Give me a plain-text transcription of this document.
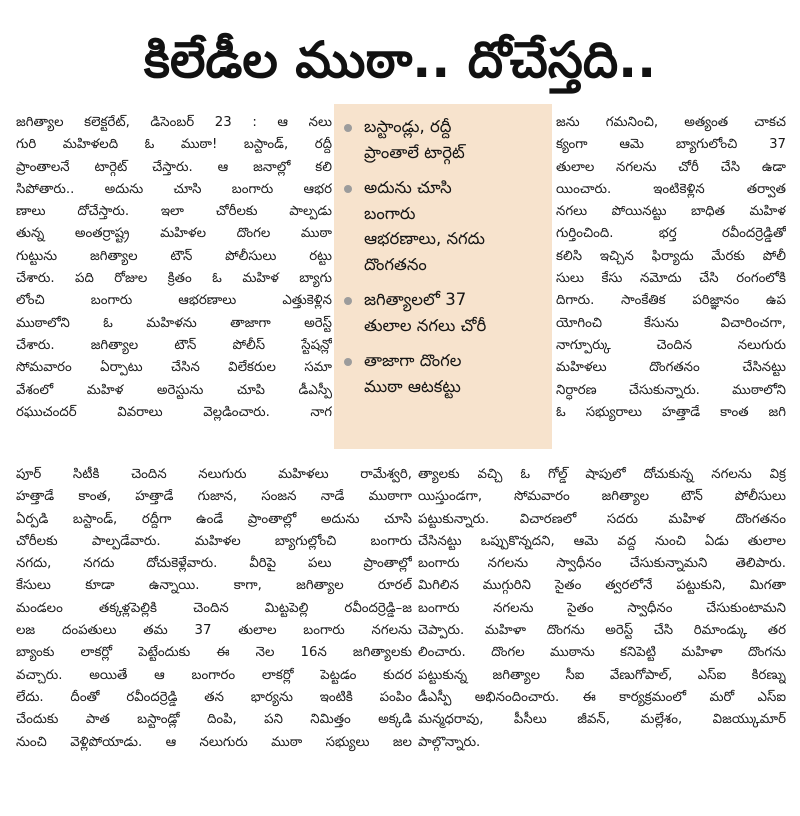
కిలేడీల ముఠా.. దోచేస్తది..
జగిత్యాల కలెక్టరేట్, డిసెంబర్ 23 : ఆ నలు
గురి మహిళలది ఓ ముఠా! బస్టాండ్, రద్దీ
ప్రాంతాలనే టార్గెట్ చేస్తారు. ఆ జనాల్లో కలి
సిపోతారు.. అదును చూసి బంగారు ఆభర
ణాలు దోచేస్తారు. ఇలా చోరీలకు పాల్పడు
తున్న అంతర్రాష్ట్ర మహిళల దొంగల ముఠా
గుట్టును జగిత్యాల టౌన్ పోలీసులు రట్టు
చేశారు. పది రోజుల క్రితం ఓ మహిళ బ్యాగు
లోంచి బంగారు ఆభరణాలు ఎత్తుకెళ్లిన
ముఠాలోని ఓ మహిళను తాజాగా అరెస్ట్
చేశారు. జగిత్యాల టౌన్ పోలీస్ స్టేషన్లో
సోమవారం ఏర్పాటు చేసిన విలేకరుల సమా
వేశంలో మహిళ అరెస్టును చూపి డీఎస్పీ
రఘుచందర్ వివరాలు వెల్లడించారు. నాగ
బస్టాండ్లు, రద్దీ
ప్రాంతాలే టార్గెట్
అదును చూసి
బంగారు
ఆభరణాలు, నగదు
దొంగతనం
జగిత్యాలలో 37
తులాల నగలు చోరీ
తాజాగా దొంగల
ముఠా ఆటకట్టు
జను గమనించి, అత్యంత చాకచ
క్యంగా ఆమె బ్యాగులోంచి 37
తులాల నగలను చోరీ చేసి ఉడా
యించారు. ఇంటికెళ్లిన తర్వాత
నగలు పోయినట్టు బాధిత మహిళ
గుర్తించింది. భర్త రవీందర్రెడ్డితో
కలిసి ఇచ్చిన ఫిర్యాదు మేరకు పోలీ
సులు కేసు నమోదు చేసి రంగంలోకి
దిగారు. సాంకేతిక పరిజ్ఞానం ఉప
యోగించి కేసును విచారించగా,
నాగ్పూర్కు చెందిన నలుగురు
మహిళలు దొంగతనం చేసినట్టు
నిర్ధారణ చేసుకున్నారు. ముఠాలోని
ఓ సభ్యురాలు హత్తాడే కాంత జగి
పూర్ సిటీకి చెందిన నలుగురు మహిళలు రామేశ్వరి,
హత్తాడే కాంత, హత్తాడే గుజాన, సంజన నాడే ముఠాగా
ఏర్పడి బస్టాండ్, రద్దీగా ఉండే ప్రాంతాల్లో అదును చూసి
చోరీలకు పాల్పడేవారు. మహిళల బ్యాగుల్లోంచి బంగారు
నగదు, నగదు దోచుకెళ్లేవారు. వీరిపై పలు ప్రాంతాల్లో
కేసులు కూడా ఉన్నాయి. కాగా, జగిత్యాల రూరల్
మండలం తక్కళ్లపెల్లికి చెందిన మిట్టపెల్లి రవీందర్రెడ్డి–జ
లజ దంపతులు తమ 37 తులాల బంగారు నగలను
బ్యాంకు లాకర్లో పెట్టేందుకు ఈ నెల 16న జగిత్యాలకు
వచ్చారు. అయితే ఆ బంగారం లాకర్లో పెట్టడం కుదర
లేదు. దీంతో రవీందర్రెడ్డి తన భార్యను ఇంటికి పంపిం
చేందుకు పాత బస్టాండ్లో దింపి, పని నిమిత్తం అక్కడి
నుంచి వెళ్లిపోయాడు. ఆ నలుగురు ముఠా సభ్యులు జల
త్యాలకు వచ్చి ఓ గోల్డ్ షాపులో దోచుకున్న నగలను విక్ర
యిస్తుండగా, సోమవారం జగిత్యాల టౌన్ పోలీసులు
పట్టుకున్నారు. విచారణలో సదరు మహిళ దొంగతనం
చేసినట్టు ఒప్పుకొన్నదని, ఆమె వద్ద నుంచి ఏడు తులాల
బంగారు నగలను స్వాధీనం చేసుకున్నామని తెలిపారు.
మిగిలిన ముగ్గురిని సైతం త్వరలోనే పట్టుకుని, మిగతా
బంగారు నగలను సైతం స్వాధీనం చేసుకుంటామని
చెప్పారు. మహిళా దొంగను అరెస్ట్ చేసి రిమాండ్కు తర
లించారు. దొంగల ముఠాను కనిపెట్టి మహిళా దొంగను
పట్టుకున్న జగిత్యాల సీఐ వేణుగోపాల్, ఎస్ఐ కిరణ్ను
డీఎస్పీ అభినందించారు. ఈ కార్యక్రమంలో మరో ఎస్ఐ
మన్మధరావు, పీసీలు జీవన్, మల్లేశం, విజయ్కుమార్
పాల్గొన్నారు.
